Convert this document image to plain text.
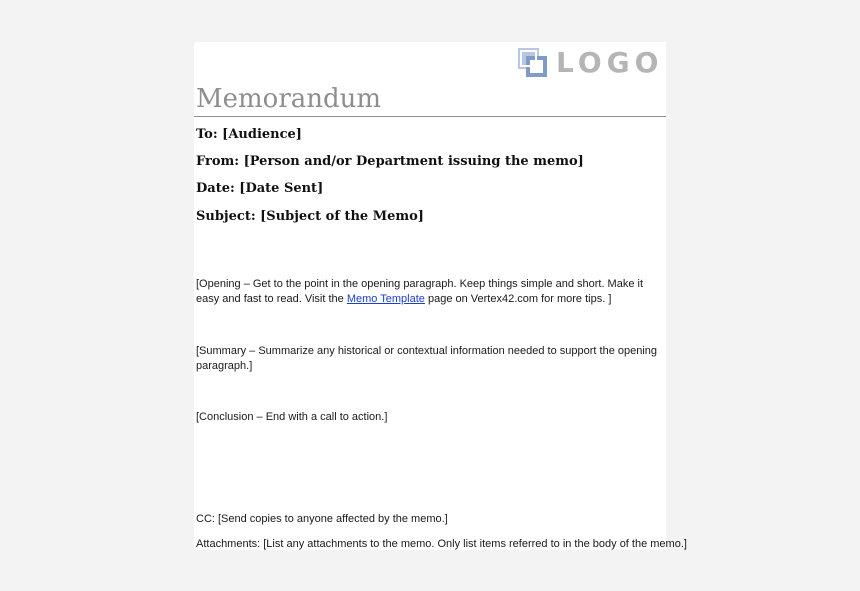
LOGO
Memorandum
To: [Audience]
From: [Person and/or Department issuing the memo]
Date: [Date Sent]
Subject: [Subject of the Memo]
[Opening – Get to the point in the opening paragraph. Keep things simple and short. Make it easy and fast to read. Visit the Memo Template page on Vertex42.com for more tips. ]
[Summary – Summarize any historical or contextual information needed to support the opening paragraph.]
[Conclusion – End with a call to action.]
CC: [Send copies to anyone affected by the memo.]
Attachments: [List any attachments to the memo. Only list items referred to in the body of the memo.]
